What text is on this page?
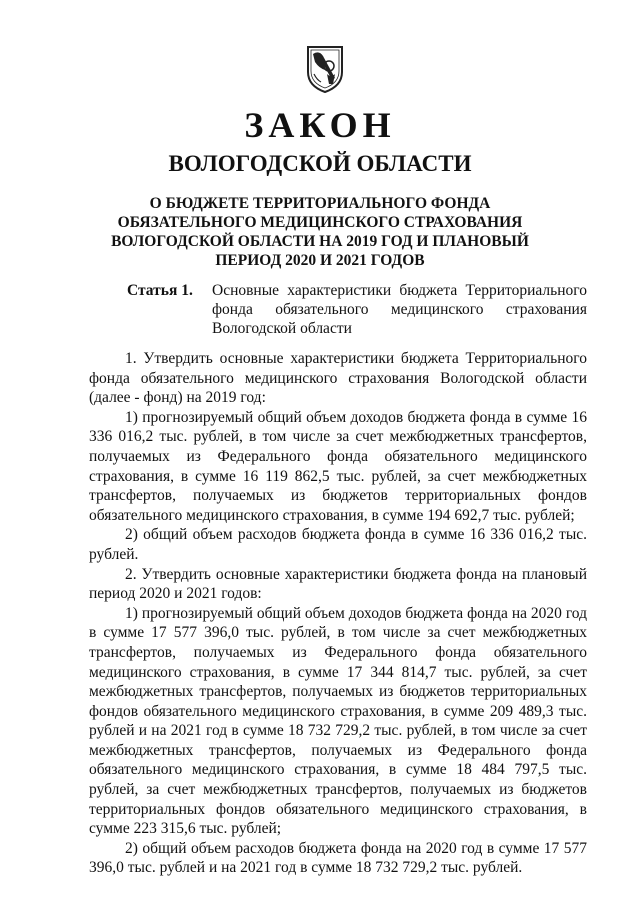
ЗАКОН
ВОЛОГОДСКОЙ ОБЛАСТИ
О БЮДЖЕТЕ ТЕРРИТОРИАЛЬНОГО ФОНДА ОБЯЗАТЕЛЬНОГО МЕДИЦИНСКОГО СТРАХОВАНИЯ ВОЛОГОДСКОЙ ОБЛАСТИ НА 2019 ГОД И ПЛАНОВЫЙ ПЕРИОД 2020 И 2021 ГОДОВ
Статья 1. Основные характеристики бюджета Территориального фонда обязательного медицинского страхования Вологодской области

1. Утвердить основные характеристики бюджета Территориального фонда обязательного медицинского страхования Вологодской области (далее - фонд) на 2019 год:

1) прогнозируемый общий объем доходов бюджета фонда в сумме 16 336 016,2 тыс. рублей, в том числе за счет межбюджетных трансфертов, получаемых из Федерального фонда обязательного медицинского страхования, в сумме 16 119 862,5 тыс. рублей, за счет межбюджетных трансфертов, получаемых из бюджетов территориальных фондов обязательного медицинского страхования, в сумме 194 692,7 тыс. рублей;

2) общий объем расходов бюджета фонда в сумме 16 336 016,2 тыс. рублей.

2. Утвердить основные характеристики бюджета фонда на плановый период 2020 и 2021 годов:

1) прогнозируемый общий объем доходов бюджета фонда на 2020 год в сумме 17 577 396,0 тыс. рублей, в том числе за счет межбюджетных трансфертов, получаемых из Федерального фонда обязательного медицинского страхования, в сумме 17 344 814,7 тыс. рублей, за счет межбюджетных трансфертов, получаемых из бюджетов территориальных фондов обязательного медицинского страхования, в сумме 209 489,3 тыс. рублей и на 2021 год в сумме 18 732 729,2 тыс. рублей, в том числе за счет межбюджетных трансфертов, получаемых из Федерального фонда обязательного медицинского страхования, в сумме 18 484 797,5 тыс. рублей, за счет межбюджетных трансфертов, получаемых из бюджетов территориальных фондов обязательного медицинского страхования, в сумме 223 315,6 тыс. рублей;

2) общий объем расходов бюджета фонда на 2020 год в сумме 17 577 396,0 тыс. рублей и на 2021 год в сумме 18 732 729,2 тыс. рублей.
